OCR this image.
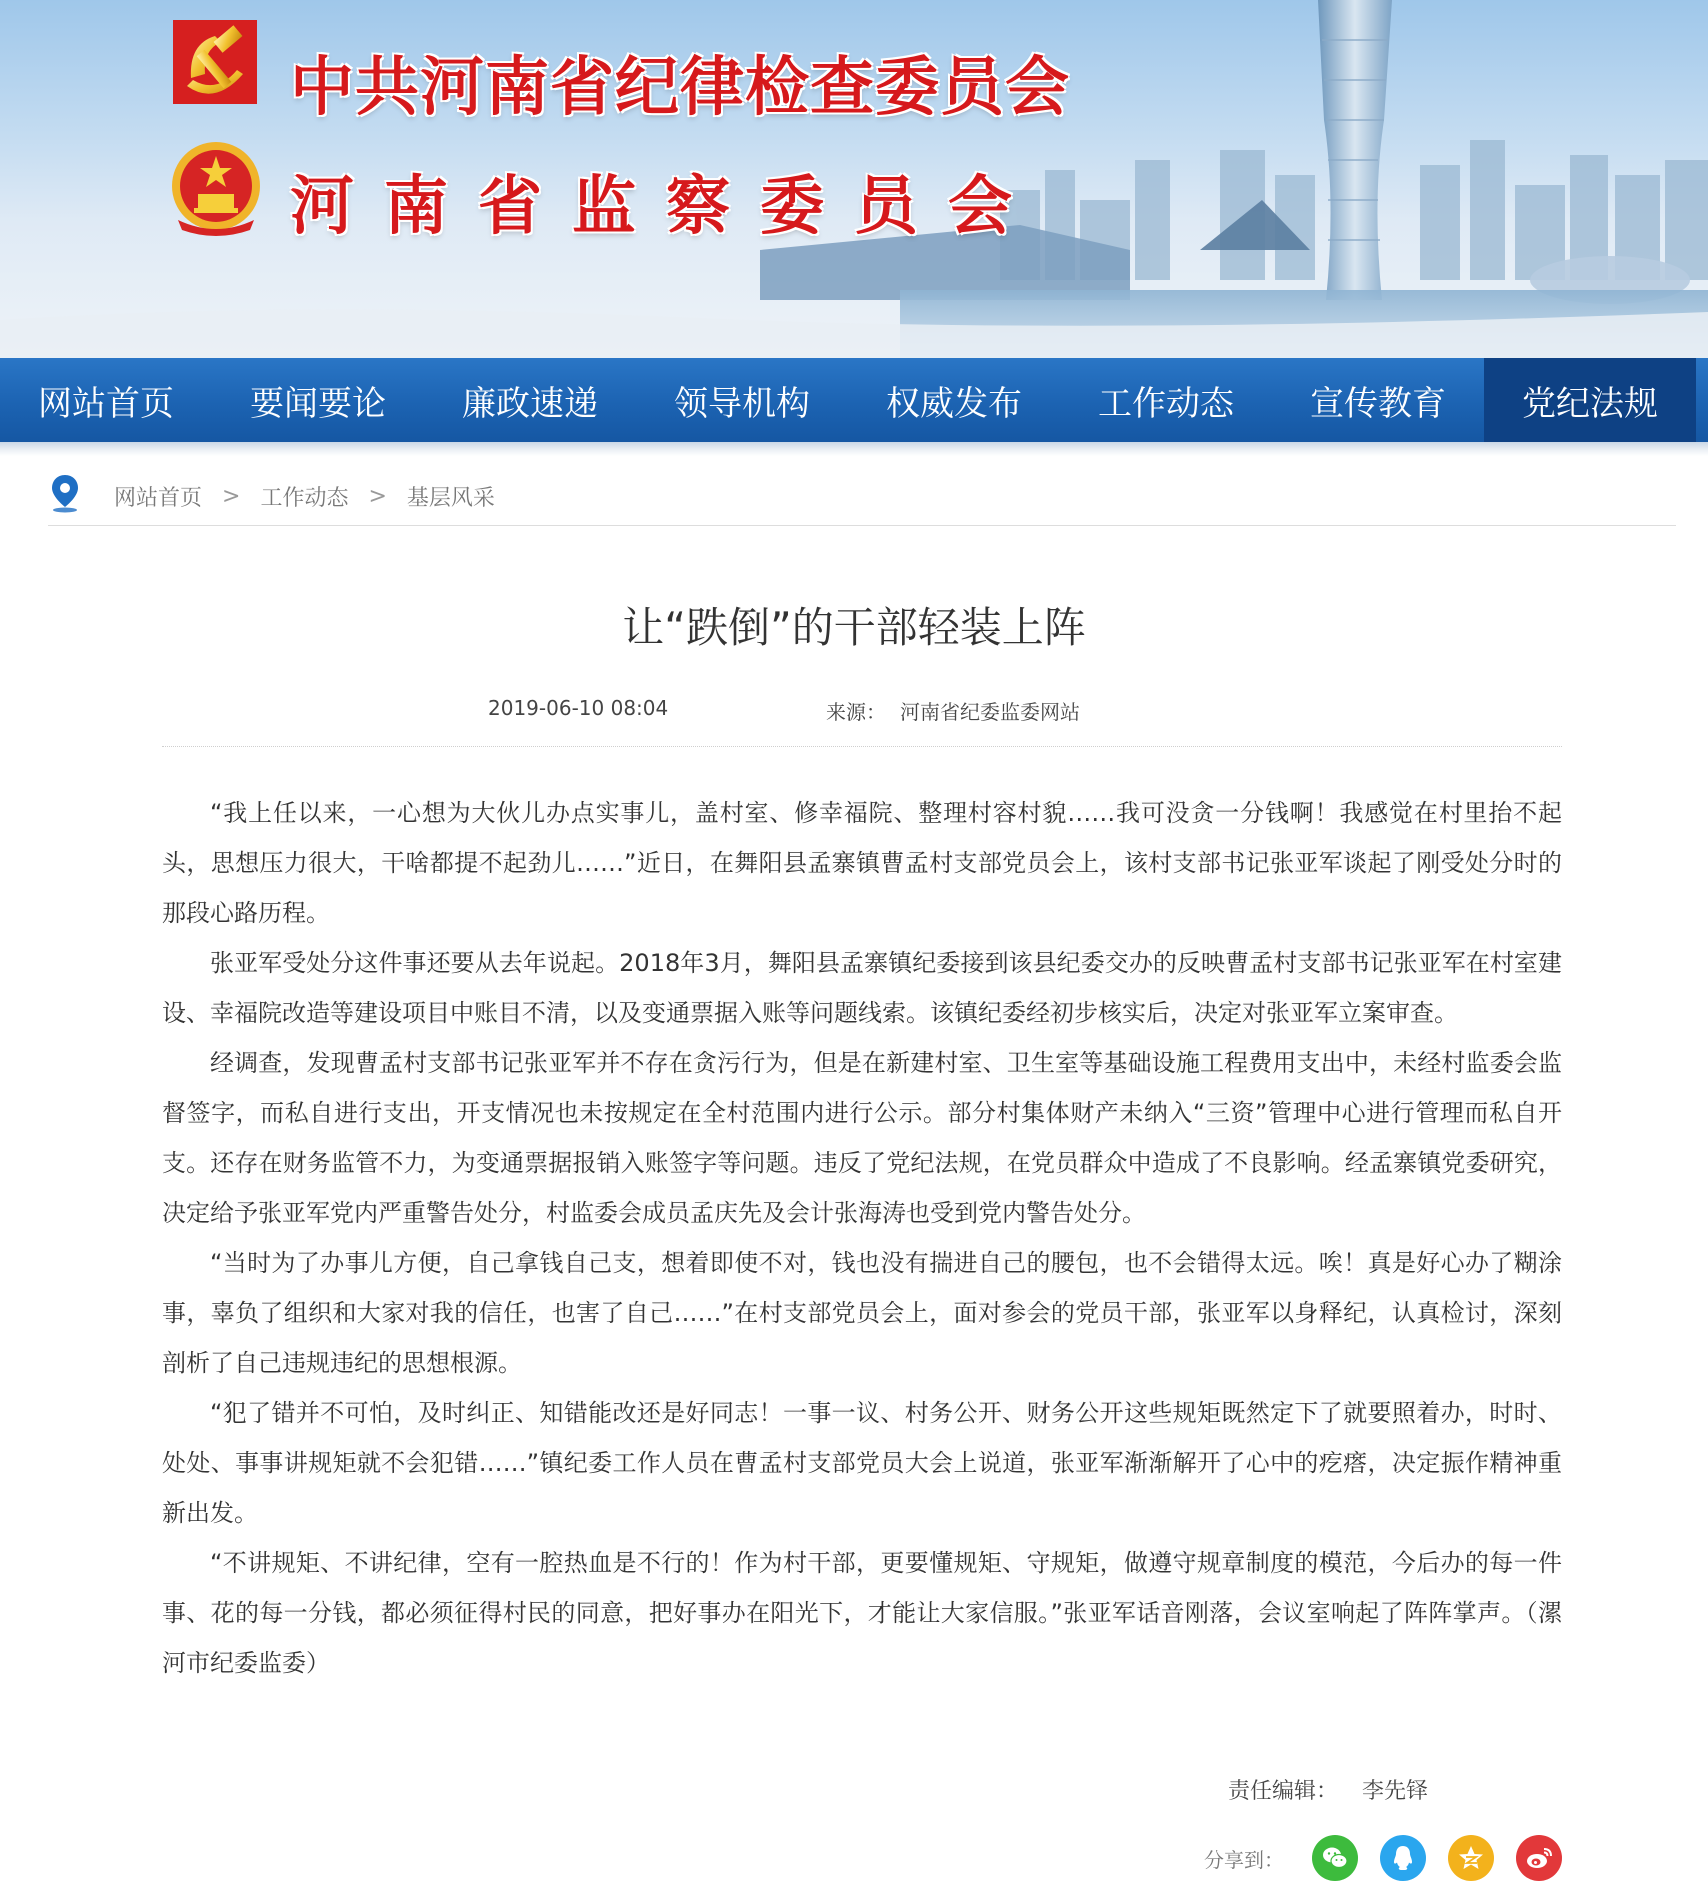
中共河南省纪律检查委员会
河南省监察委员会
网站首页	要闻要论	廉政速递	领导机构	权威发布	工作动态	宣传教育	党纪法规
网站首页 > 工作动态 > 基层风采
让“跌倒”的干部轻装上阵
2019-06-10 08:04	来源： 河南省纪委监委网站

“我上任以来，一心想为大伙儿办点实事儿，盖村室、修幸福院、整理村容村貌……我可没贪一分钱啊！我感觉在村里抬不起头，思想压力很大，干啥都提不起劲儿……”近日，在舞阳县孟寨镇曹孟村支部党员会上，该村支部书记张亚军谈起了刚受处分时的那段心路历程。

张亚军受处分这件事还要从去年说起。2018年3月，舞阳县孟寨镇纪委接到该县纪委交办的反映曹孟村支部书记张亚军在村室建设、幸福院改造等建设项目中账目不清，以及变通票据入账等问题线索。该镇纪委经初步核实后，决定对张亚军立案审查。

经调查，发现曹孟村支部书记张亚军并不存在贪污行为，但是在新建村室、卫生室等基础设施工程费用支出中，未经村监委会监督签字，而私自进行支出，开支情况也未按规定在全村范围内进行公示。部分村集体财产未纳入“三资”管理中心进行管理而私自开支。还存在财务监管不力，为变通票据报销入账签字等问题。违反了党纪法规，在党员群众中造成了不良影响。经孟寨镇党委研究，决定给予张亚军党内严重警告处分，村监委会成员孟庆先及会计张海涛也受到党内警告处分。

“当时为了办事儿方便，自己拿钱自己支，想着即使不对，钱也没有揣进自己的腰包，也不会错得太远。唉！真是好心办了糊涂事，辜负了组织和大家对我的信任，也害了自己……”在村支部党员会上，面对参会的党员干部，张亚军以身释纪，认真检讨，深刻剖析了自己违规违纪的思想根源。

“犯了错并不可怕，及时纠正、知错能改还是好同志！一事一议、村务公开、财务公开这些规矩既然定下了就要照着办，时时、处处、事事讲规矩就不会犯错……”镇纪委工作人员在曹孟村支部党员大会上说道，张亚军渐渐解开了心中的疙瘩，决定振作精神重新出发。

“不讲规矩、不讲纪律，空有一腔热血是不行的！作为村干部，更要懂规矩、守规矩，做遵守规章制度的模范，今后办的每一件事、花的每一分钱，都必须征得村民的同意，把好事办在阳光下，才能让大家信服。”张亚军话音刚落，会议室响起了阵阵掌声。（漯河市纪委监委）

责任编辑： 李先铎
分享到：
